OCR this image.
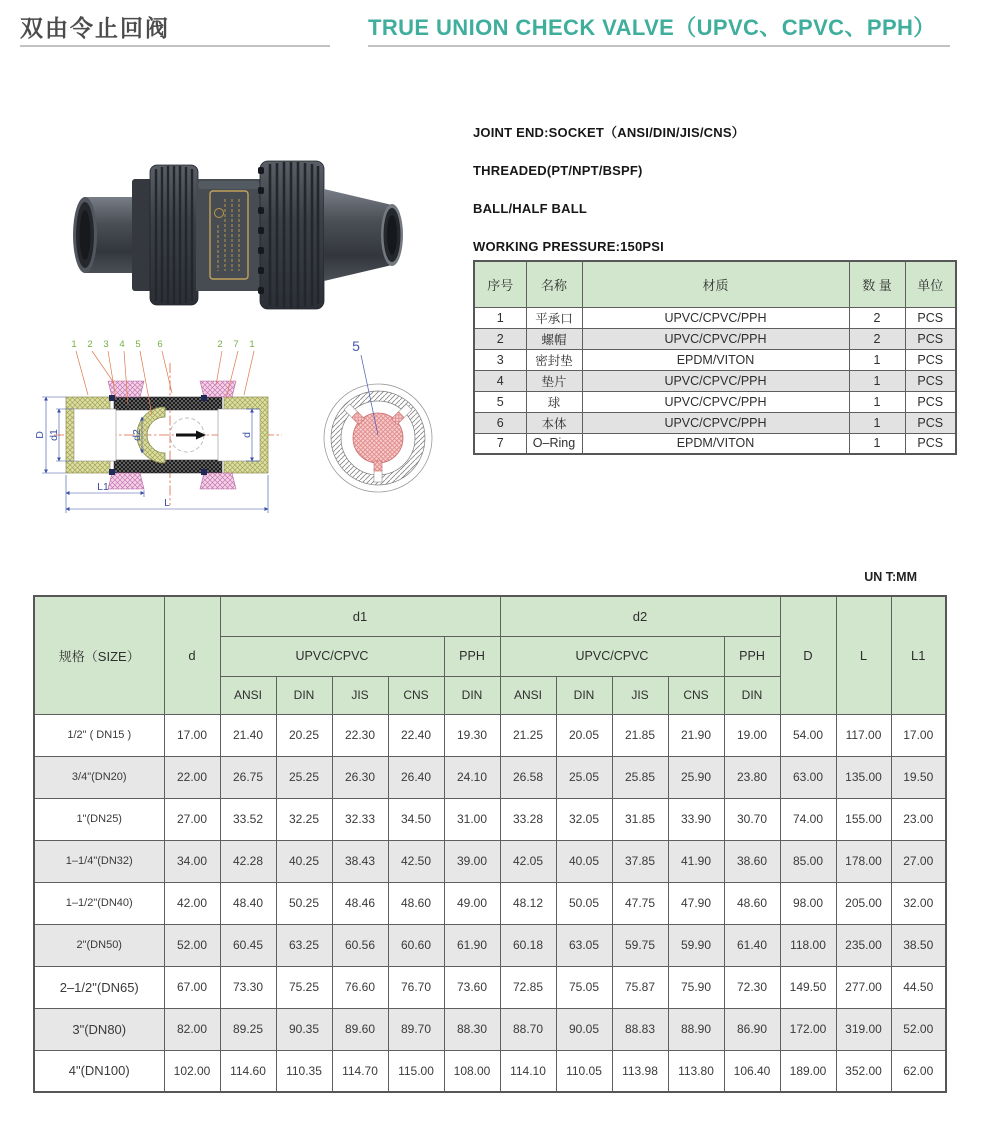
双由令止回阀	TRUE UNION CHECK VALVE（UPVC、CPVC、PPH）

JOINT END:SOCKET（ANSI/DIN/JIS/CNS）

THREADED(PT/NPT/BSPF)

BALL/HALF BALL

WORKING PRESSURE:150PSI

序号	名称	材质	数 量	单位
1	平承口	UPVC/CPVC/PPH	2	PCS
2	螺帽	UPVC/CPVC/PPH	2	PCS
3	密封垫	EPDM/VITON	1	PCS
4	垫片	UPVC/CPVC/PPH	1	PCS
5	球	UPVC/CPVC/PPH	1	PCS
6	本体	UPVC/CPVC/PPH	1	PCS
7	O–Ring	EPDM/VITON	1	PCS
D d1	d2	d
L1
L
1 2 3 4 5 6	2 7 1	5
UN T:MM
规格（SIZE）	d	d1					d2					D	L	L1
		UPVC/CPVC				PPH	UPVC/CPVC				PPH			
		ANSI	DIN	JIS	CNS	DIN	ANSI	DIN	JIS	CNS	DIN			
1/2" ( DN15 )	17.00	21.40	20.25	22.30	22.40	19.30	21.25	20.05	21.85	21.90	19.00	54.00	117.00	17.00
3/4"(DN20)	22.00	26.75	25.25	26.30	26.40	24.10	26.58	25.05	25.85	25.90	23.80	63.00	135.00	19.50
1"(DN25)	27.00	33.52	32.25	32.33	34.50	31.00	33.28	32.05	31.85	33.90	30.70	74.00	155.00	23.00
1–1/4"(DN32)	34.00	42.28	40.25	38.43	42.50	39.00	42.05	40.05	37.85	41.90	38.60	85.00	178.00	27.00
1–1/2"(DN40)	42.00	48.40	50.25	48.46	48.60	49.00	48.12	50.05	47.75	47.90	48.60	98.00	205.00	32.00
2"(DN50)	52.00	60.45	63.25	60.56	60.60	61.90	60.18	63.05	59.75	59.90	61.40	118.00	235.00	38.50
2–1/2"(DN65)	67.00	73.30	75.25	76.60	76.70	73.60	72.85	75.05	75.87	75.90	72.30	149.50	277.00	44.50
3"(DN80)	82.00	89.25	90.35	89.60	89.70	88.30	88.70	90.05	88.83	88.90	86.90	172.00	319.00	52.00
4"(DN100)	102.00	114.60	110.35	114.70	115.00	108.00	114.10	110.05	113.98	113.80	106.40	189.00	352.00	62.00
